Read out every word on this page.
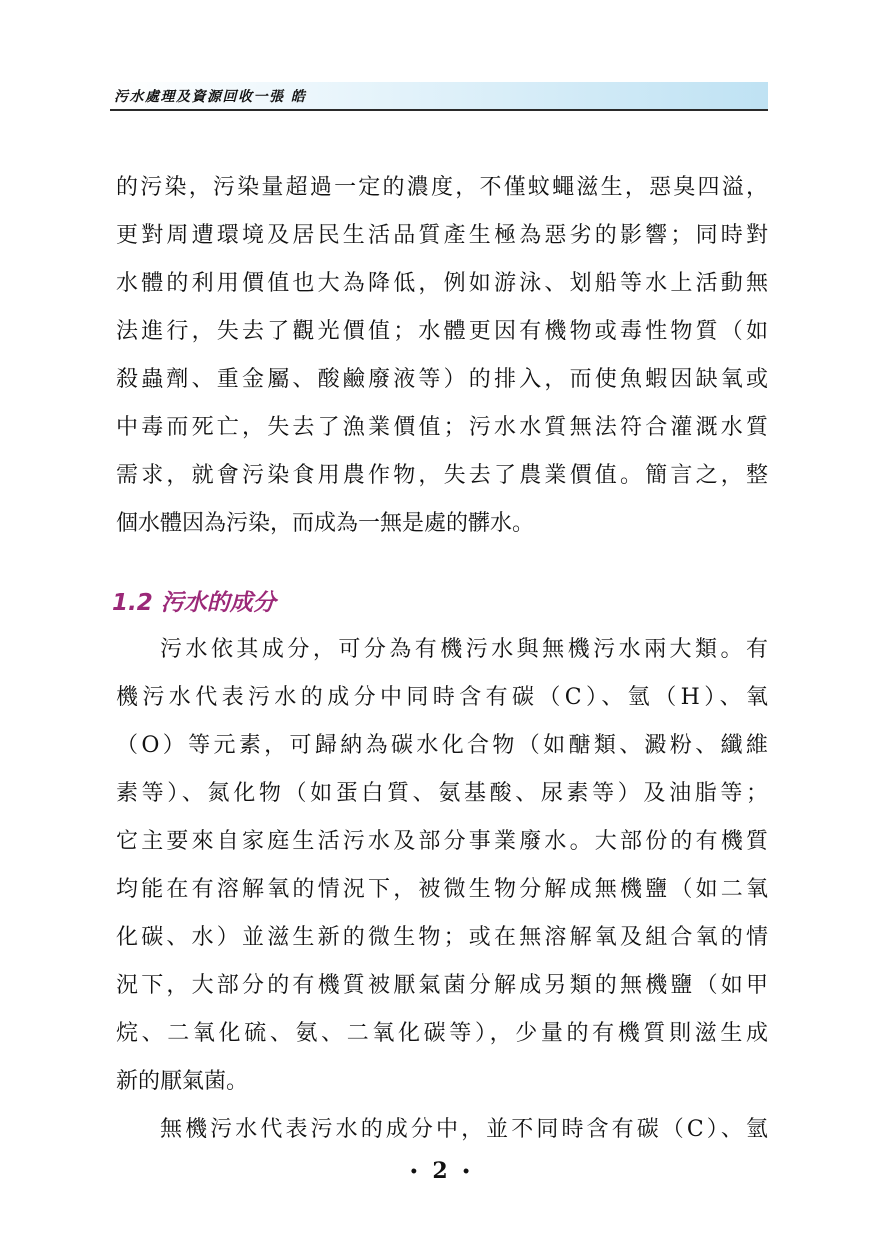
污水處理及資源回收一張 皓
的污染，污染量超過一定的濃度，不僅蚊蠅滋生，惡臭四溢，
更對周遭環境及居民生活品質產生極為惡劣的影響；同時對
水體的利用價值也大為降低，例如游泳、划船等水上活動無
法進行，失去了觀光價值；水體更因有機物或毒性物質（如
殺蟲劑、重金屬、酸鹼廢液等）的排入，而使魚蝦因缺氧或
中毒而死亡，失去了漁業價值；污水水質無法符合灌溉水質
需求，就會污染食用農作物，失去了農業價值。簡言之，整
個水體因為污染，而成為一無是處的髒水。
1.2 污水的成分
污水依其成分，可分為有機污水與無機污水兩大類。有
機污水代表污水的成分中同時含有碳（C）、氫（H）、氧
（O）等元素，可歸納為碳水化合物（如醣類、澱粉、纖維
素等）、氮化物（如蛋白質、氨基酸、尿素等）及油脂等；
它主要來自家庭生活污水及部分事業廢水。大部份的有機質
均能在有溶解氧的情況下，被微生物分解成無機鹽（如二氧
化碳、水）並滋生新的微生物；或在無溶解氧及組合氧的情
況下，大部分的有機質被厭氣菌分解成另類的無機鹽（如甲
烷、二氧化硫、氨、二氧化碳等），少量的有機質則滋生成
新的厭氣菌。
無機污水代表污水的成分中，並不同時含有碳（C）、氫
• 2 •
